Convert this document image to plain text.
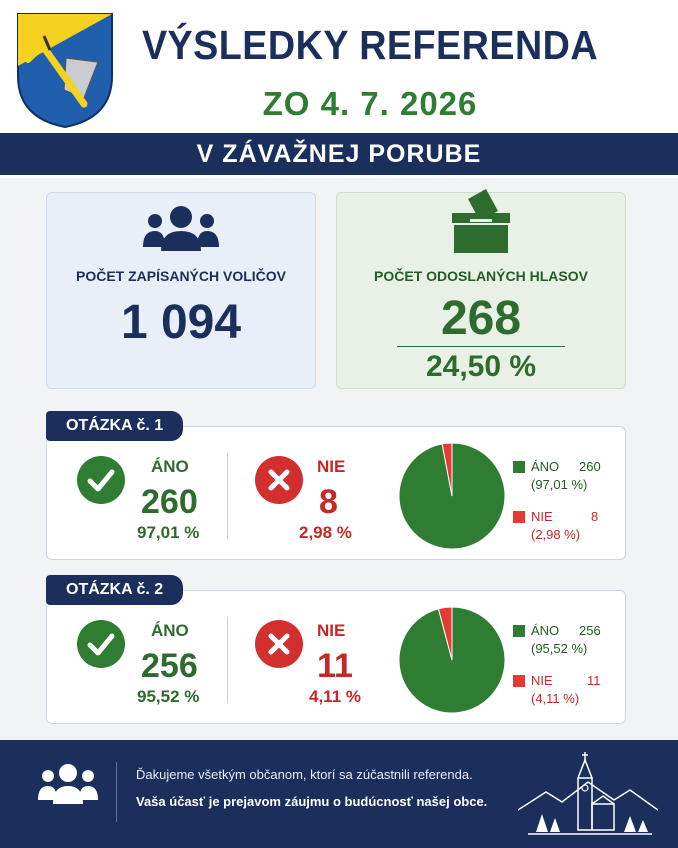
VÝSLEDKY REFERENDA
ZO 4. 7. 2026
V ZÁVAŽNEJ PORUBE
POČET ZAPÍSANÝCH VOLIČOV
1 094
POČET ODOSLANÝCH HLASOV
268
24,50 %
ÁNO
260
97,01 %
NIE
8
2,98 %
ÁNO 260
(97,01 %)
NIE	8
(2,98 %)
OTÁZKA č. 1
ÁNO
256
95,52 %
NIE
11
4,11 %
ÁNO 256
(95,52 %)
NIE	11
(4,11 %)
OTÁZKA č. 2
Ďakujeme všetkým občanom, ktorí sa zúčastnili referenda.
Vaša účasť je prejavom záujmu o budúcnosť našej obce.
